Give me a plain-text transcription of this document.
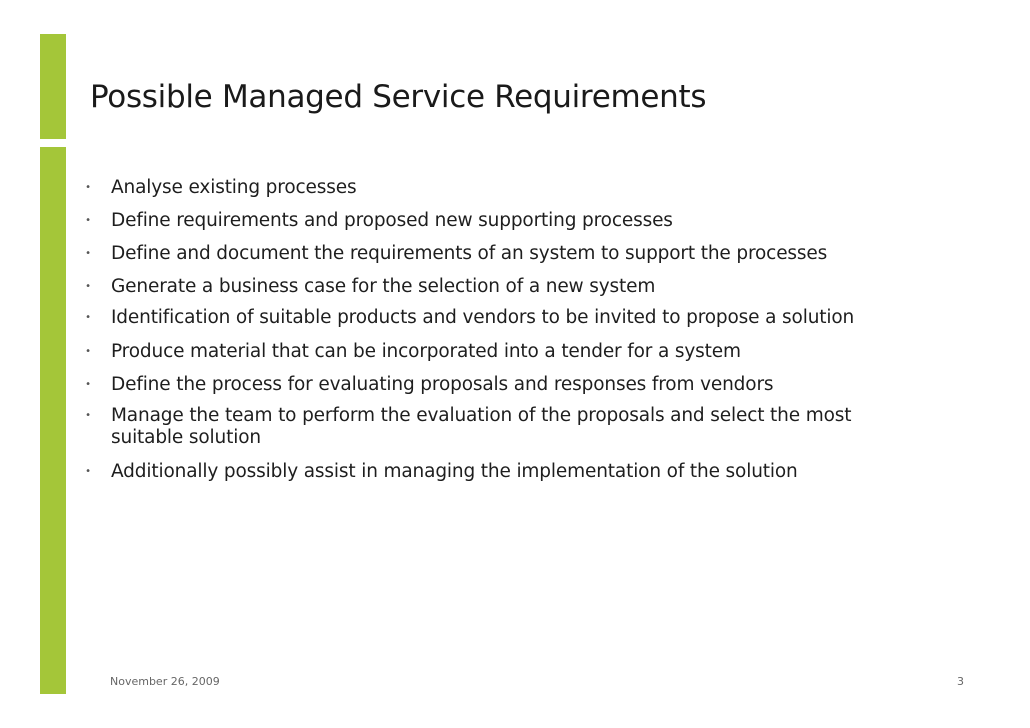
Possible Managed Service Requirements
• Analyse existing processes
• Define requirements and proposed new supporting processes
• Define and document the requirements of an system to support the processes
• Generate a business case for the selection of a new system
• Identification of suitable products and vendors to be invited to propose a solution
• Produce material that can be incorporated into a tender for a system
• Define the process for evaluating proposals and responses from vendors
• Manage the team to perform the evaluation of the proposals and select the most suitable solution
• Additionally possibly assist in managing the implementation of the solution
November 26, 2009	3
